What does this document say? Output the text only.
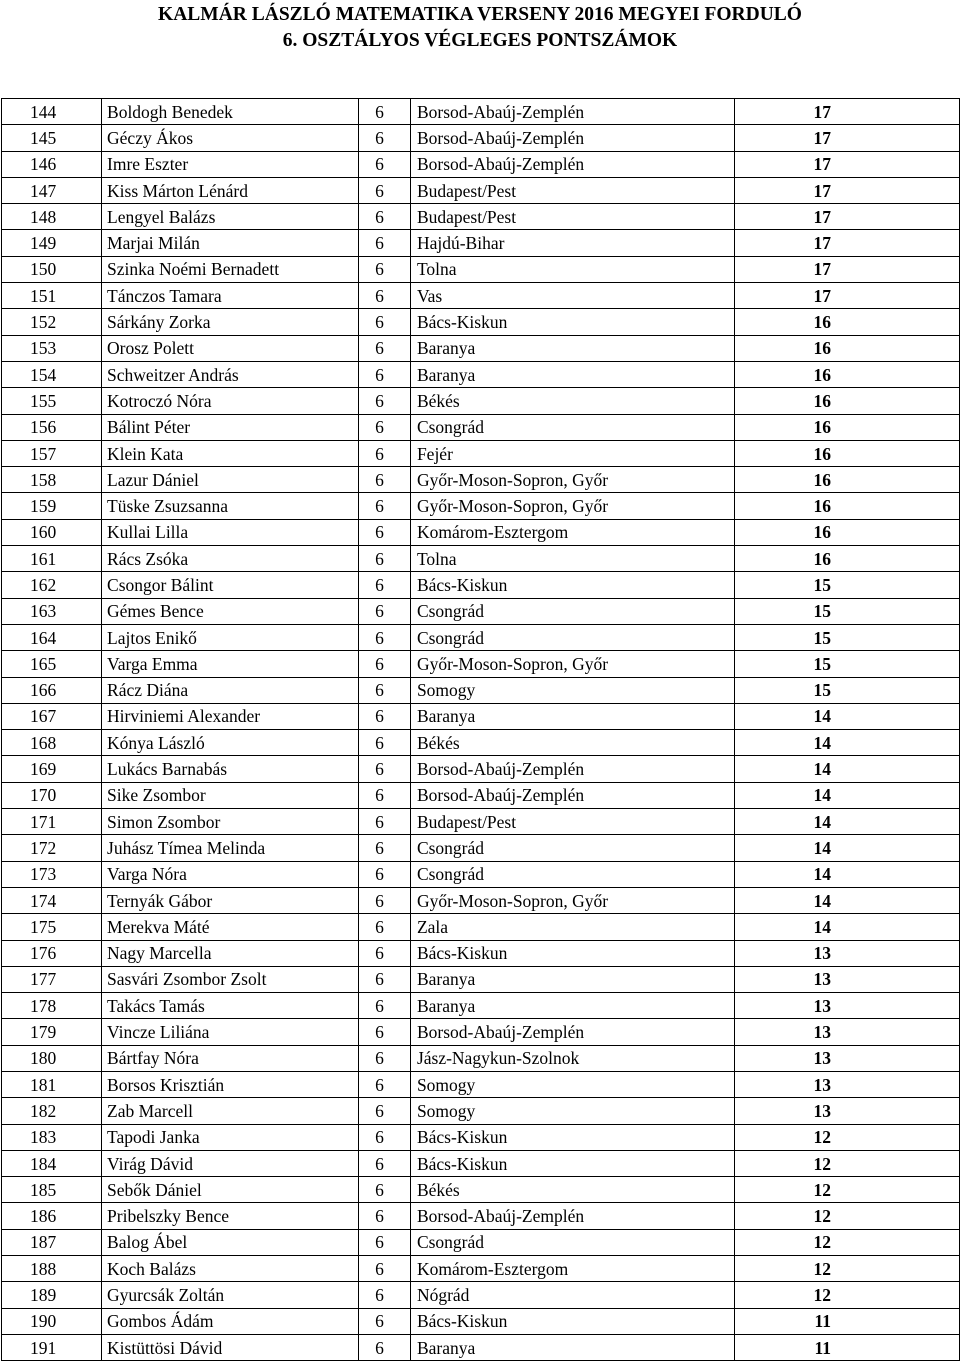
KALMÁR LÁSZLÓ MATEMATIKA VERSENY 2016 MEGYEI FORDULÓ
6. OSZTÁLYOS VÉGLEGES PONTSZÁMOK
144	Boldogh Benedek	6	Borsod-Abaúj-Zemplén	17
145	Géczy Ákos	6	Borsod-Abaúj-Zemplén	17
146	Imre Eszter	6	Borsod-Abaúj-Zemplén	17
147	Kiss Márton Lénárd	6	Budapest/Pest	17
148	Lengyel Balázs	6	Budapest/Pest	17
149	Marjai Milán	6	Hajdú-Bihar	17
150	Szinka Noémi Bernadett	6	Tolna	17
151	Tánczos Tamara	6	Vas	17
152	Sárkány Zorka	6	Bács-Kiskun	16
153	Orosz Polett	6	Baranya	16
154	Schweitzer András	6	Baranya	16
155	Kotroczó Nóra	6	Békés	16
156	Bálint Péter	6	Csongrád	16
157	Klein Kata	6	Fejér	16
158	Lazur Dániel	6	Győr-Moson-Sopron, Győr	16
159	Tüske Zsuzsanna	6	Győr-Moson-Sopron, Győr	16
160	Kullai Lilla	6	Komárom-Esztergom	16
161	Rács Zsóka	6	Tolna	16
162	Csongor Bálint	6	Bács-Kiskun	15
163	Gémes Bence	6	Csongrád	15
164	Lajtos Enikő	6	Csongrád	15
165	Varga Emma	6	Győr-Moson-Sopron, Győr	15
166	Rácz Diána	6	Somogy	15
167	Hirviniemi Alexander	6	Baranya	14
168	Kónya László	6	Békés	14
169	Lukács Barnabás	6	Borsod-Abaúj-Zemplén	14
170	Sike Zsombor	6	Borsod-Abaúj-Zemplén	14
171	Simon Zsombor	6	Budapest/Pest	14
172	Juhász Tímea Melinda	6	Csongrád	14
173	Varga Nóra	6	Csongrád	14
174	Ternyák Gábor	6	Győr-Moson-Sopron, Győr	14
175	Merekva Máté	6	Zala	14
176	Nagy Marcella	6	Bács-Kiskun	13
177	Sasvári Zsombor Zsolt	6	Baranya	13
178	Takács Tamás	6	Baranya	13
179	Vincze Liliána	6	Borsod-Abaúj-Zemplén	13
180	Bártfay Nóra	6	Jász-Nagykun-Szolnok	13
181	Borsos Krisztián	6	Somogy	13
182	Zab Marcell	6	Somogy	13
183	Tapodi Janka	6	Bács-Kiskun	12
184	Virág Dávid	6	Bács-Kiskun	12
185	Sebők Dániel	6	Békés	12
186	Pribelszky Bence	6	Borsod-Abaúj-Zemplén	12
187	Balog Ábel	6	Csongrád	12
188	Koch Balázs	6	Komárom-Esztergom	12
189	Gyurcsák Zoltán	6	Nógrád	12
190	Gombos Ádám	6	Bács-Kiskun	11
191	Kistüttösi Dávid	6	Baranya	11
